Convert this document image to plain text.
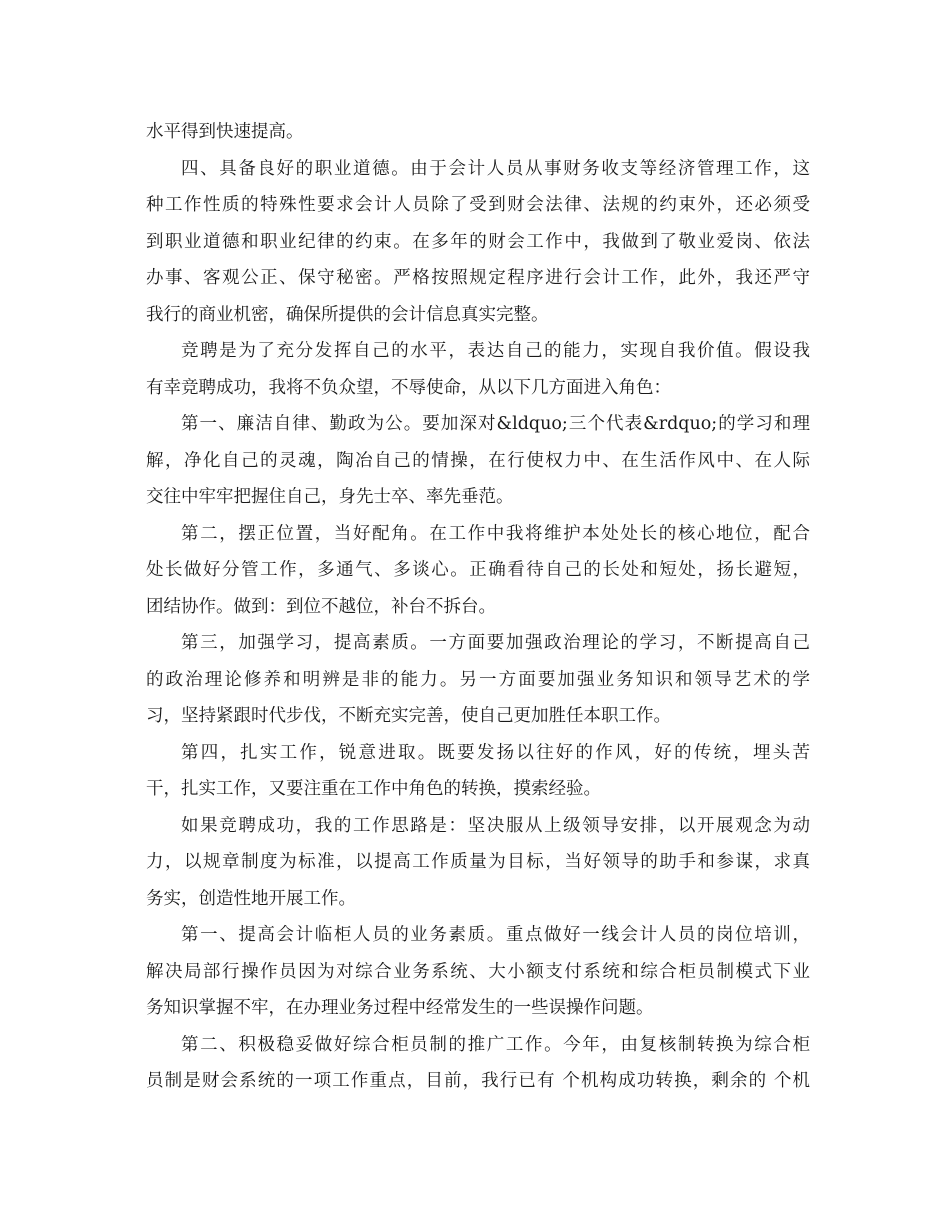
水平得到快速提高。
四、具备良好的职业道德。由于会计人员从事财务收支等经济管理工作，这
种工作性质的特殊性要求会计人员除了受到财会法律、法规的约束外，还必须受
到职业道德和职业纪律的约束。在多年的财会工作中，我做到了敬业爱岗、依法
办事、客观公正、保守秘密。严格按照规定程序进行会计工作，此外，我还严守
我行的商业机密，确保所提供的会计信息真实完整。
竞聘是为了充分发挥自己的水平，表达自己的能力，实现自我价值。假设我
有幸竞聘成功，我将不负众望，不辱使命，从以下几方面进入角色：
第一、廉洁自律、勤政为公。要加深对&ldquo;三个代表&rdquo;的学习和理
解，净化自己的灵魂，陶冶自己的情操，在行使权力中、在生活作风中、在人际
交往中牢牢把握住自己，身先士卒、率先垂范。
第二，摆正位置，当好配角。在工作中我将维护本处处长的核心地位，配合
处长做好分管工作，多通气、多谈心。正确看待自己的长处和短处，扬长避短，
团结协作。做到：到位不越位，补台不拆台。
第三，加强学习，提高素质。一方面要加强政治理论的学习，不断提高自己
的政治理论修养和明辨是非的能力。另一方面要加强业务知识和领导艺术的学
习，坚持紧跟时代步伐，不断充实完善，使自己更加胜任本职工作。
第四，扎实工作，锐意进取。既要发扬以往好的作风，好的传统，埋头苦
干，扎实工作，又要注重在工作中角色的转换，摸索经验。
如果竞聘成功，我的工作思路是：坚决服从上级领导安排，以开展观念为动
力，以规章制度为标准，以提高工作质量为目标，当好领导的助手和参谋，求真
务实，创造性地开展工作。
第一、提高会计临柜人员的业务素质。重点做好一线会计人员的岗位培训，
解决局部行操作员因为对综合业务系统、大小额支付系统和综合柜员制模式下业
务知识掌握不牢，在办理业务过程中经常发生的一些误操作问题。
第二、积极稳妥做好综合柜员制的推广工作。今年，由复核制转换为综合柜
员制是财会系统的一项工作重点，目前，我行已有 个机构成功转换，剩余的 个机
